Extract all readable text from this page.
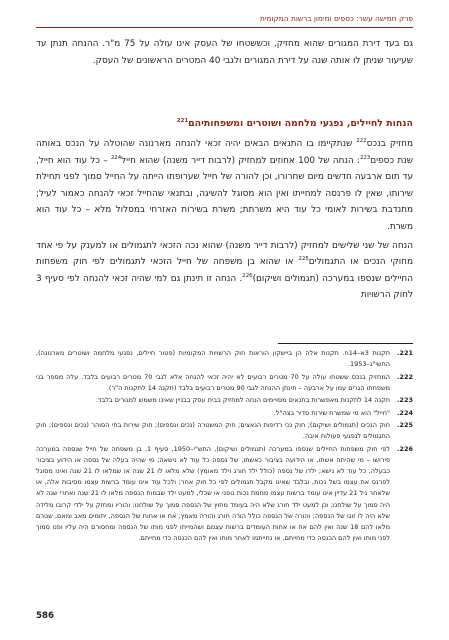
פרק חמישה עשר: כספים ומימון ברשות המקומית

גם בעד דירת המגורים שהוא מחזיק, וכששטחו של העסק אינו עולה על 75 מ"ר. ההנחה תנתן עד שעיעור שניתן לו אותה שנה על דירת המגורים ולגבי 40 המטרים הראשונים של העסק.

הנחות לחיילים, נפגעי מלחמה ושוטרים ומשפחותיהם$^{221}$

מחזיק בנכס$^{222}$ שנתקיימו בו התנאים הבאים יהיה זכאי להנחה מארנונה שהוטלה על הנכס באותה שנת כספים$^{223}$: הנחה של 100 אחוזים למחזיק (לרבות דייר משנה) שהוא חייל$^{224}$ – כל עוד הוא חייל, עד תום ארבעה חדשים מיום שחרורו, וכן להורה של חייל שערופתו הייתה על החייל סמוך לפני תחילת שירותו, שאין לו פרנסה למחייתו ואין הוא מסוגל להשיגה, ובתנאי שהחייל זכאי להנחה כאמור לעיל; מתנדבת בשירות לאומי כל עוד היא משרתת; משרת בשירות האזרחי במסלול מלא – כל עוד הוא משרת.

הנחה של שני שלישים למחזיק (לרבות דייר משנה) שהוא נכה הזכאי לתגמולים או למענק על פי אחד מחוקי הנכים או התגמולים$^{225}$ או שהוא בן משפחה של חייל הזכאי לתגמולים לפי חוק משפחות החיילים שנספו במערכה (תגמולים ושיקום)$^{226}$. הנחה זו תינתן גם למי שהיה זכאי להנחה לפי סעיף 3 לחוק הרשויות

221.
תקנות 3א–14ח. תקנות אלה הן ביישקון הוראות חוק הרשויות המקומיות (פטור חיילים, נפגעי מלחמה ושוטרים מארנונה), התשי"ג–1953.
222.
המחזיק בנכס ששטחו עולה על 70 מטרים רבועים לא יהיה זכאי להנחה אלא לגבי 70 מטרים רבועים בלבד. עלה מספר בני משפחתו הגרים עמו על ארבעה – תינתן ההנחה לגבי 90 מטרים רבועים בלבד (תקנה 14 לתקנות ה"ר).
223.
תקנה 14 לתקנות מאפשרות בתנאים מסויימים הנחה למחזיק בבית עסק בבניין שאינו משמש למגורים בלבד.
224.
"חייל" הוא מי שמשרת שירות סדיר בצה"ל.
225.
חוק הנכים (תגמולים ושיקום); חוק נכי רדיפות הנאצים; חוק המשטרה (נכים ונספים); חוק שירות בתי הסוהר (נכים ונספים); חוק התגמולים לנפגעי פעולות איבה.
226.
לפי חוק משפחות החיילים שנספו במערכה (תגמולים ושיקום), התש"י–1950, סעיף 1, בן משפחה של חייל שנספה במערכה פירושו – מי שהיתה אשתו, או הידועה בציבור כאשתו, של נספה כל עוד לא נישאה; מי שהיה בעלה של נספה או הידוע בציבור כבעלה, כל עוד לא נישא; ילדו של נספה (כולל ילד חורג וילד מאומץ) שלא מלאו לו 21 שנה או שמלאו לו 21 שנה ואינו מסוגל לפרנס את עצמו בשל נכות, ובלבד שאינו מקבל תגמולים לפי כל חוק אחר; ולכל עוד אינו עומד ברשות עצמו מסיבות אלה, או שלאחר גיל 21 עדיין אינו עומד ברשות עצמו מחמת נכות גופני או שכלי, למעט ילד שבמות הנספה מלאו לו 21 שנה ואחרי שנה לא היה סמוך על שולחנו; וכן למעט ילד חורג שלא היה בעומד מחוץ של הנספה סמוך על שולחנו; והוריו ומחזק על ילדי קרובו מלידה שלא היה לו זוגו של הנספה; והורה של הנספה כולל הורה חורג והורה מאמץ; אח או אחות של הנספה, יתומים מאב ומאם, שטרם מלאו להם 18 שנה ואין להם אח או אחות העומדים ברשות עצמם ושהמייתו לפני מותו של הנספה ומחסורם היה עליו ופנו סמוך לפני מותו ואין להם הכנסה כדי מחייתם, או נחייתמו לאחר מותו ואין להם הכנסה כדי מחייתם.
586
